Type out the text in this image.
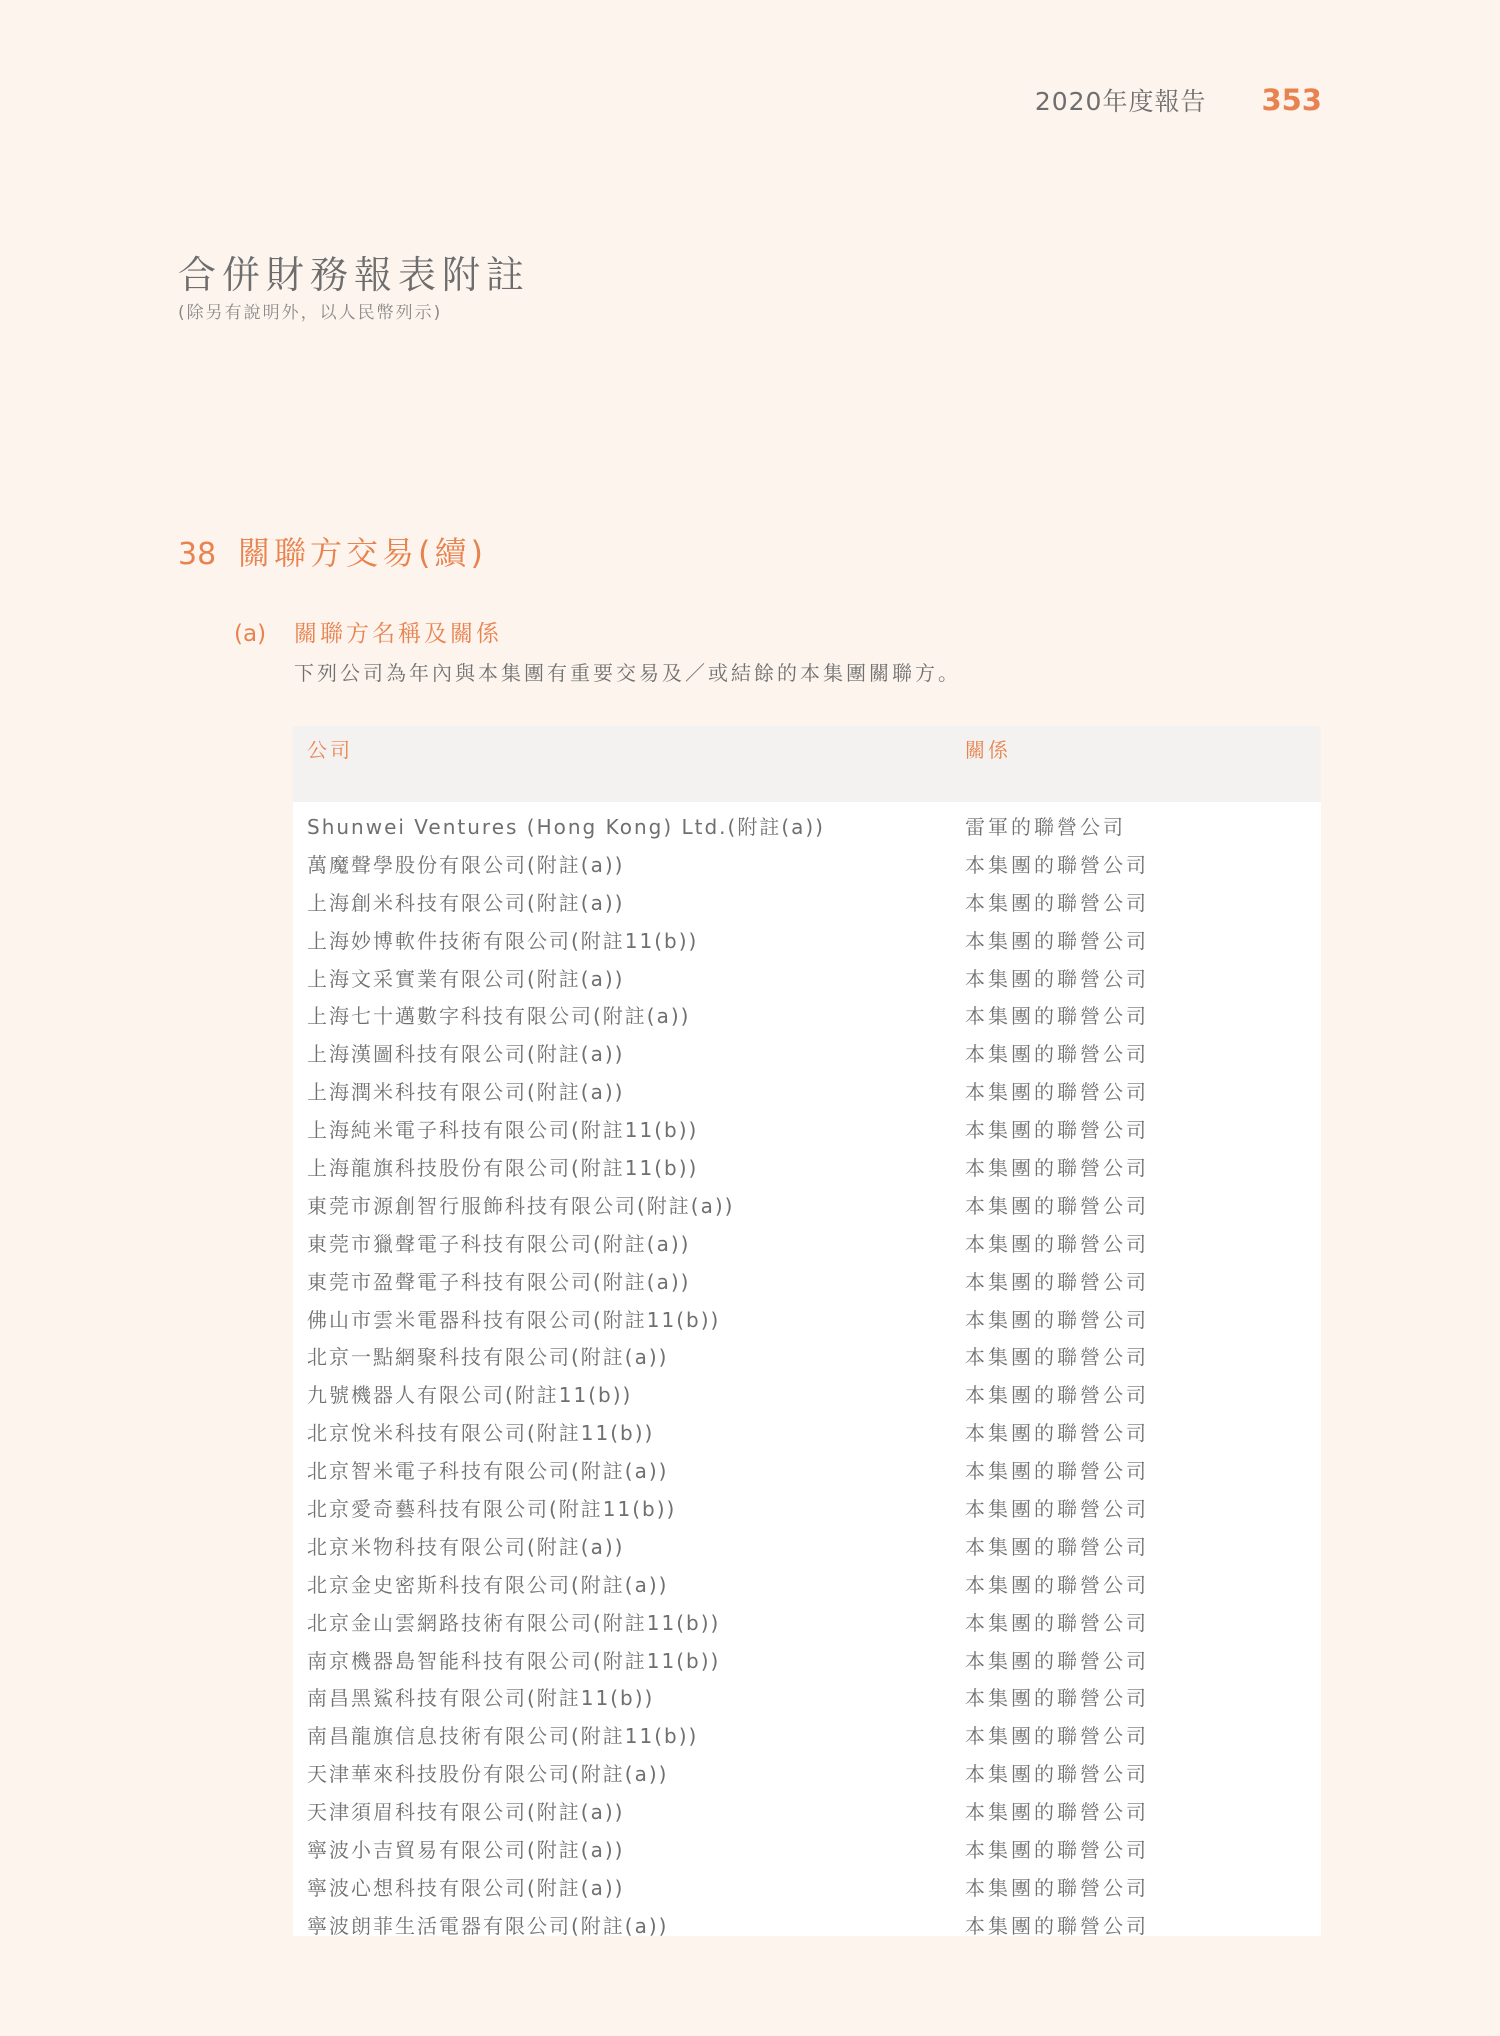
2020年度報告 353
合併財務報表附註
(除另有說明外，以人民幣列示)
38 關聯方交易(續)
(a)	關聯方名稱及關係
下列公司為年內與本集團有重要交易及／或結餘的本集團關聯方。
公司	關係
Shunwei Ventures (Hong Kong) Ltd.(附註(a))	雷軍的聯營公司
萬魔聲學股份有限公司(附註(a))	本集團的聯營公司
上海創米科技有限公司(附註(a))	本集團的聯營公司
上海妙博軟件技術有限公司(附註11(b))	本集團的聯營公司
上海文采實業有限公司(附註(a))	本集團的聯營公司
上海七十邁數字科技有限公司(附註(a))	本集團的聯營公司
上海漢圖科技有限公司(附註(a))	本集團的聯營公司
上海潤米科技有限公司(附註(a))	本集團的聯營公司
上海純米電子科技有限公司(附註11(b))	本集團的聯營公司
上海龍旗科技股份有限公司(附註11(b))	本集團的聯營公司
東莞市源創智行服飾科技有限公司(附註(a))	本集團的聯營公司
東莞市獵聲電子科技有限公司(附註(a))	本集團的聯營公司
東莞市盈聲電子科技有限公司(附註(a))	本集團的聯營公司
佛山市雲米電器科技有限公司(附註11(b))	本集團的聯營公司
北京一點網聚科技有限公司(附註(a))	本集團的聯營公司
九號機器人有限公司(附註11(b))	本集團的聯營公司
北京悅米科技有限公司(附註11(b))	本集團的聯營公司
北京智米電子科技有限公司(附註(a))	本集團的聯營公司
北京愛奇藝科技有限公司(附註11(b))	本集團的聯營公司
北京米物科技有限公司(附註(a))	本集團的聯營公司
北京金史密斯科技有限公司(附註(a))	本集團的聯營公司
北京金山雲網路技術有限公司(附註11(b))	本集團的聯營公司
南京機器島智能科技有限公司(附註11(b))	本集團的聯營公司
南昌黑鯊科技有限公司(附註11(b))	本集團的聯營公司
南昌龍旗信息技術有限公司(附註11(b))	本集團的聯營公司
天津華來科技股份有限公司(附註(a))	本集團的聯營公司
天津須眉科技有限公司(附註(a))	本集團的聯營公司
寧波小吉貿易有限公司(附註(a))	本集團的聯營公司
寧波心想科技有限公司(附註(a))	本集團的聯營公司
寧波朗菲生活電器有限公司(附註(a))	本集團的聯營公司
